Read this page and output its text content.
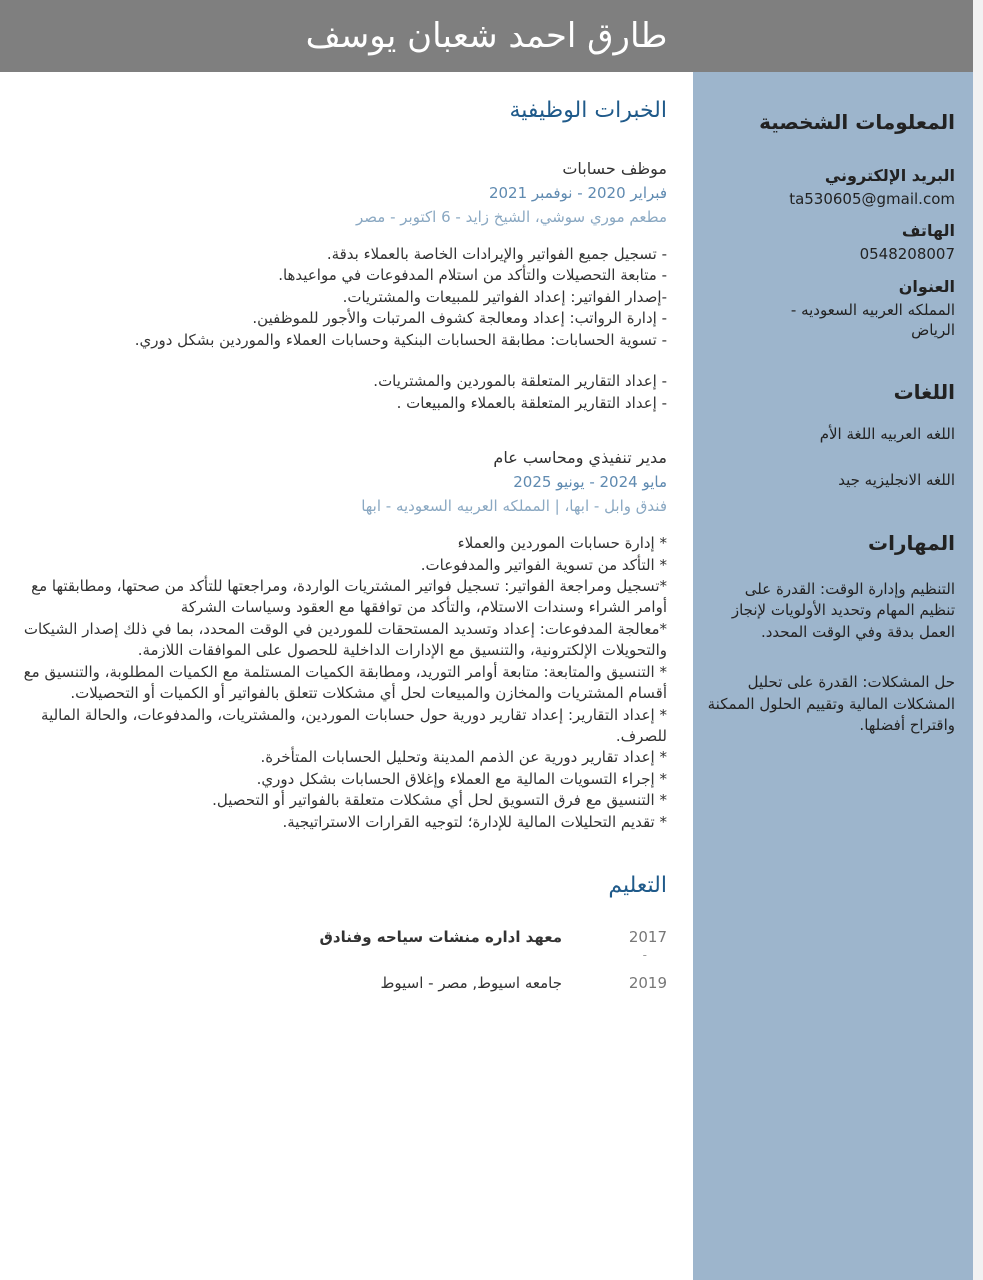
طارق احمد شعبان يوسف
المعلومات الشخصية

البريد الإلكتروني

ta530605@gmail.com

الهاتف

0548208007

العنوان

المملكه العربيه السعوديه - الرياض

اللغات

اللغه العربيه اللغة الأم

اللغه الانجليزيه جيد

المهارات

التنظيم وإدارة الوقت: القدرة على تنظيم المهام وتحديد الأولويات لإنجاز العمل بدقة وفي الوقت المحدد.

حل المشكلات: القدرة على تحليل المشكلات المالية وتقييم الحلول الممكنة واقتراح أفضلها.

الخبرات الوظيفية

موظف حسابات

فبراير 2020 - نوفمبر 2021

مطعم موري سوشي، الشيخ زايد - 6 اكتوبر - مصر

- تسجيل جميع الفواتير والإيرادات الخاصة بالعملاء بدقة.
- متابعة التحصيلات والتأكد من استلام المدفوعات في مواعيدها.
-إصدار الفواتير: إعداد الفواتير للمبيعات والمشتريات.
- إدارة الرواتب: إعداد ومعالجة كشوف المرتبات والأجور للموظفين.
- تسوية الحسابات: مطابقة الحسابات البنكية وحسابات العملاء والموردين بشكل دوري.
- إعداد التقارير المتعلقة بالموردين والمشتريات.
- إعداد التقارير المتعلقة بالعملاء والمبيعات .

مدير تنفيذي ومحاسب عام

مايو 2024 - يونيو 2025

فندق وابل - ابها، | المملكه العربيه السعوديه - ابها

* إدارة حسابات الموردين والعملاء
* التأكد من تسوية الفواتير والمدفوعات.
*تسجيل ومراجعة الفواتير: تسجيل فواتير المشتريات الواردة، ومراجعتها للتأكد من صحتها، ومطابقتها مع أوامر الشراء وسندات الاستلام، والتأكد من توافقها مع العقود وسياسات الشركة
*معالجة المدفوعات: إعداد وتسديد المستحقات للموردين في الوقت المحدد، بما في ذلك إصدار الشيكات والتحويلات الإلكترونية، والتنسيق مع الإدارات الداخلية للحصول على الموافقات اللازمة.
* التنسيق والمتابعة: متابعة أوامر التوريد، ومطابقة الكميات المستلمة مع الكميات المطلوبة، والتنسيق مع أقسام المشتريات والمخازن والمبيعات لحل أي مشكلات تتعلق بالفواتير أو الكميات أو التحصيلات.
* إعداد التقارير: إعداد تقارير دورية حول حسابات الموردين، والمشتريات، والمدفوعات، والحالة المالية للصرف.
* إعداد تقارير دورية عن الذمم المدينة وتحليل الحسابات المتأخرة.
* إجراء التسويات المالية مع العملاء وإغلاق الحسابات بشكل دوري.
* التنسيق مع فرق التسويق لحل أي مشكلات متعلقة بالفواتير أو التحصيل.
* تقديم التحليلات المالية للإدارة؛ لتوجيه القرارات الاستراتيجية.
التعليم
2017
-
معهد اداره منشات سياحه وفنادق
2019
جامعه اسيوط, مصر - اسيوط
